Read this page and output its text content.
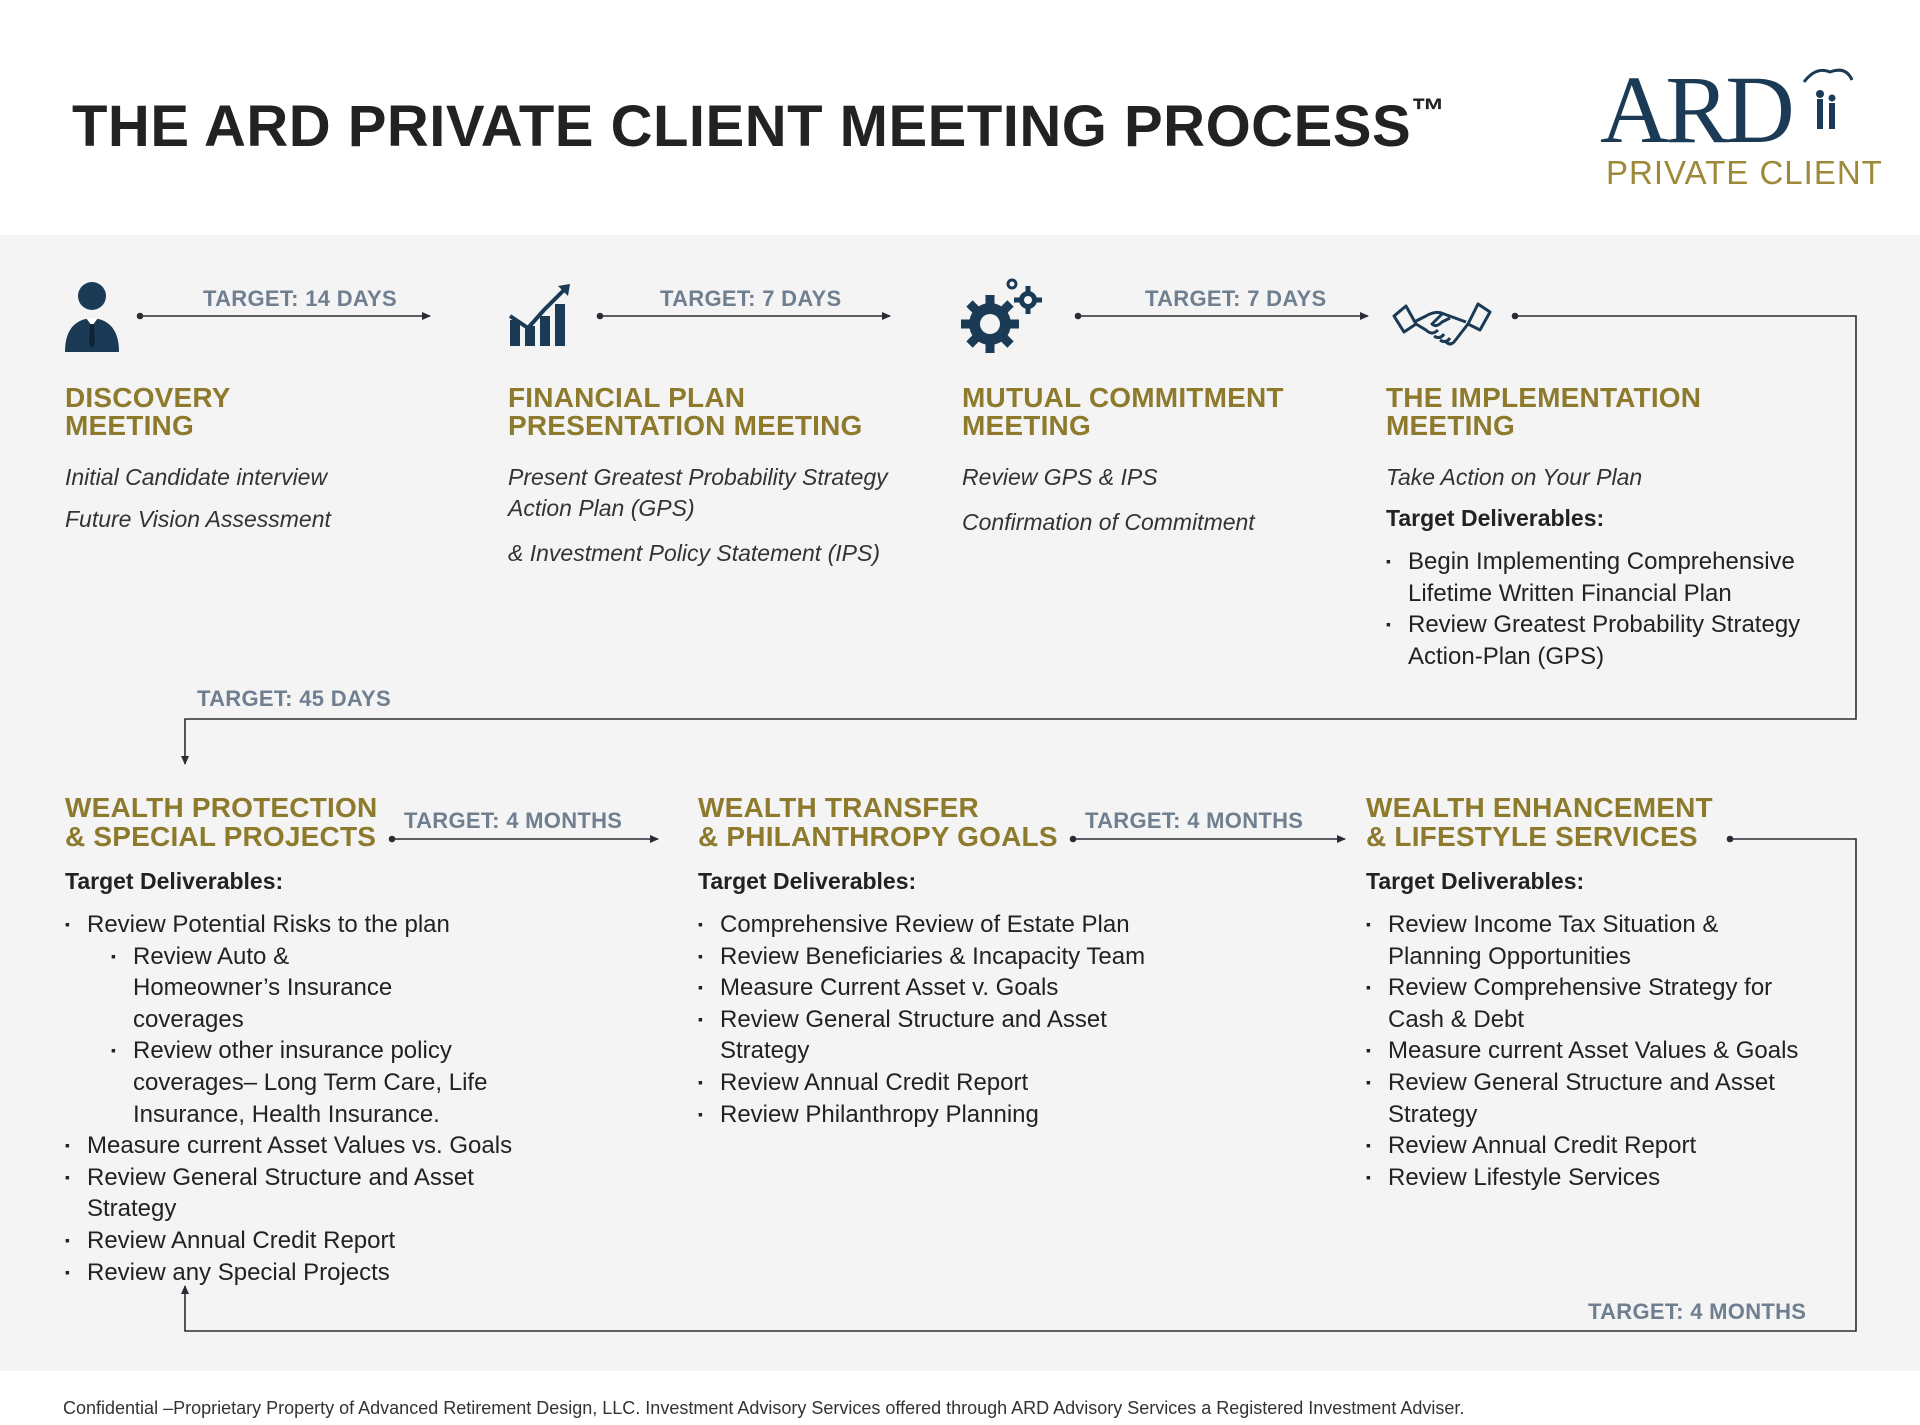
THE ARD PRIVATE CLIENT MEETING PROCESS™ ARD
PRIVATE CLIENT
TARGET: 14 DAYS	TARGET: 7 DAYS	TARGET: 7 DAYS
DISCOVERY
MEETING
Initial Candidate interview
Future Vision Assessment
FINANCIAL PLAN
PRESENTATION MEETING
Present Greatest Probability Strategy
Action Plan (GPS)
& Investment Policy Statement (IPS)
MUTUAL COMMITMENT
MEETING
Review GPS & IPS
Confirmation of Commitment
THE IMPLEMENTATION
MEETING
Take Action on Your Plan
Target Deliverables:
▪ Begin Implementing Comprehensive Lifetime Written Financial Plan
▪ Review Greatest Probability Strategy Action-Plan (GPS)
TARGET: 45 DAYS
TARGET: 4 MONTHS	TARGET: 4 MONTHS
TARGET: 4 MONTHS
WEALTH PROTECTION
& SPECIAL PROJECTS
Target Deliverables:
▪ Review Potential Risks to the plan
▪ Review Auto & Homeowner’s Insurance coverages
▪ Review other insurance policy coverages– Long Term Care, Life Insurance, Health Insurance.
▪ Measure current Asset Values vs. Goals
▪ Review General Structure and Asset Strategy
▪ Review Annual Credit Report
▪ Review any Special Projects
WEALTH TRANSFER
& PHILANTHROPY GOALS
Target Deliverables:
▪ Comprehensive Review of Estate Plan
▪ Review Beneficiaries & Incapacity Team
▪ Measure Current Asset v. Goals
▪ Review General Structure and Asset Strategy
▪ Review Annual Credit Report
▪ Review Philanthropy Planning
WEALTH ENHANCEMENT
& LIFESTYLE SERVICES
Target Deliverables:
▪ Review Income Tax Situation & Planning Opportunities
▪ Review Comprehensive Strategy for Cash & Debt
▪ Measure current Asset Values & Goals
▪ Review General Structure and Asset Strategy
▪ Review Annual Credit Report
▪ Review Lifestyle Services
Confidential –Proprietary Property of Advanced Retirement Design, LLC. Investment Advisory Services offered through ARD Advisory Services a Registered Investment Adviser.
